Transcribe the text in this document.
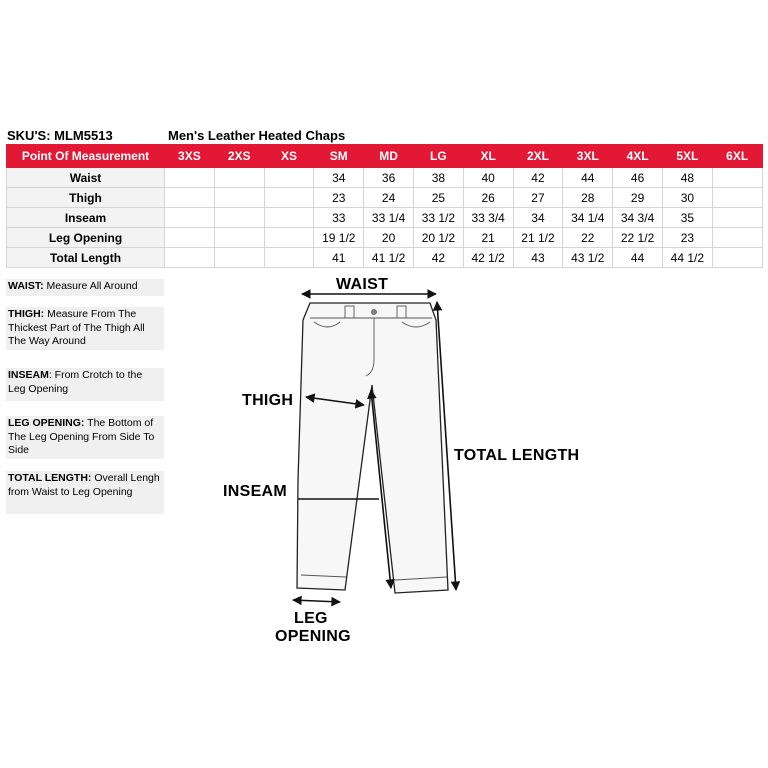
SKU'S: MLM5513	Men's Leather Heated Chaps
Point Of Measurement	3XS	2XS	XS	SM	MD	LG	XL	2XL	3XL	4XL	5XL	6XL
Waist				34	36	38	40	42	44	46	48	
Thigh				23	24	25	26	27	28	29	30	
Inseam				33	33 1/4	33 1/2	33 3/4	34	34 1/4	34 3/4	35	
Leg Opening				19 1/2	20	20 1/2	21	21 1/2	22	22 1/2	23	
Total Length				41	41 1/2	42	42 1/2	43	43 1/2	44	44 1/2	
WAIST: Measure All Around
THIGH: Measure From The Thickest Part of The Thigh All The Way Around
INSEAM: From Crotch to the Leg Opening
LEG OPENING: The Bottom of The Leg Opening From Side To Side
TOTAL LENGTH: Overall Lengh from Waist to Leg Opening
WAIST
THIGH
INSEAM
TOTAL LENGTH
LEG
OPENING
